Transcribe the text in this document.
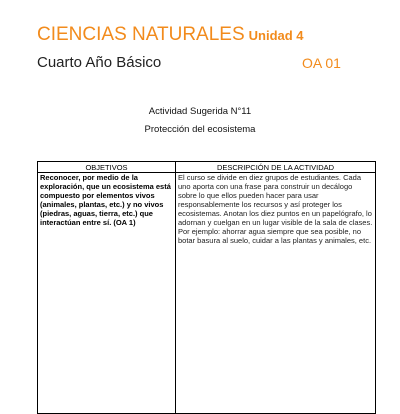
CIENCIAS NATURALES Unidad 4
Cuarto Año Básico	OA 01
Actividad Sugerida N°11
Protección del ecosistema
OBJETIVOS	DESCRIPCIÓN DE LA ACTIVIDAD
Reconocer, por medio de la exploración, que un ecosistema está compuesto por elementos vivos (animales, plantas, etc.) y no vivos (piedras, aguas, tierra, etc.) que interactúan entre sí. (OA 1)	El curso se divide en diez grupos de estudiantes. Cada uno aporta con una frase para construir un decálogo sobre lo que ellos pueden hacer para usar responsablemente los recursos y así proteger los ecosistemas. Anotan los diez puntos en un papelógrafo, lo adornan y cuelgan en un lugar visible de la sala de clases. Por ejemplo: ahorrar agua siempre que sea posible, no botar basura al suelo, cuidar a las plantas y animales, etc.
